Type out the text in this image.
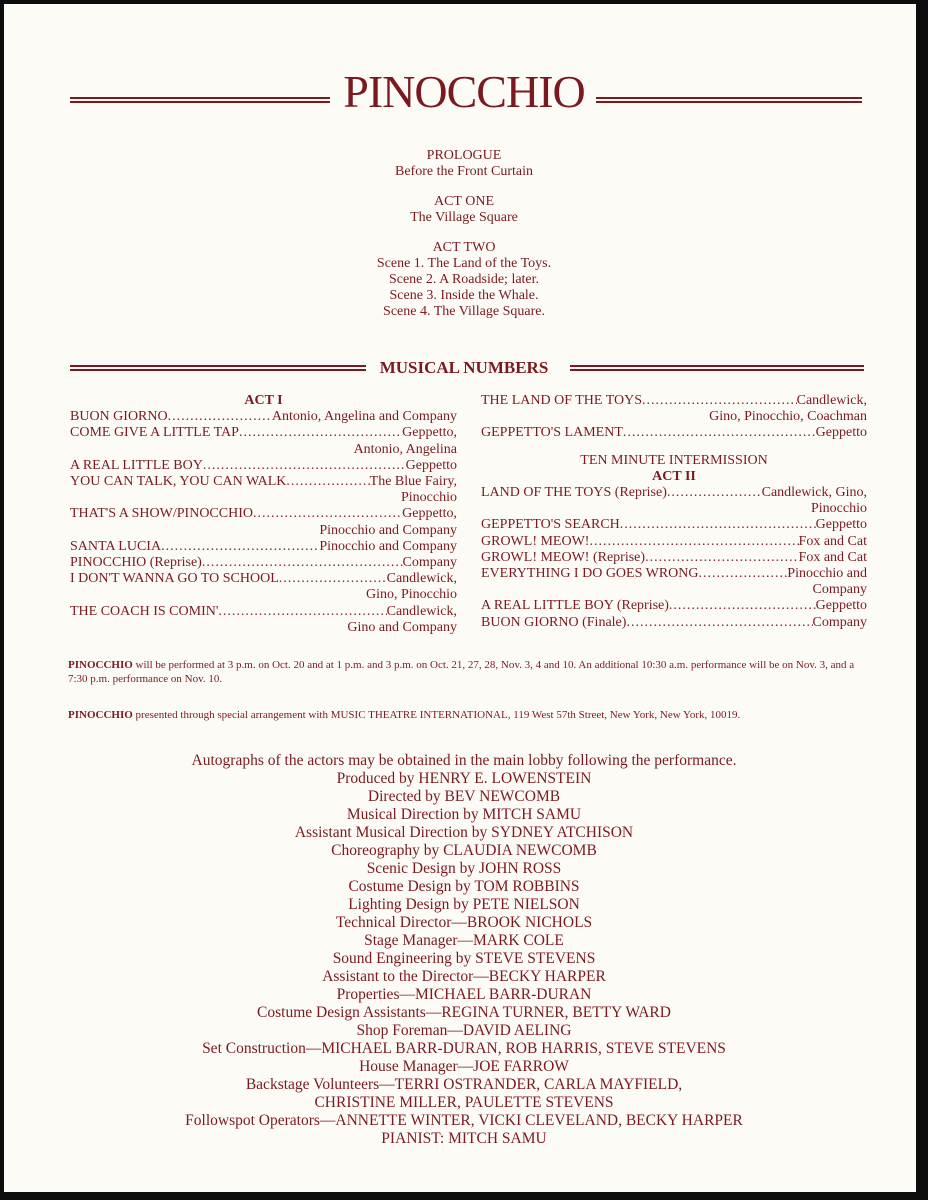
PINOCCHIO
PROLOGUE
Before the Front Curtain
ACT ONE
The Village Square
ACT TWO
Scene 1. The Land of the Toys.
Scene 2. A Roadside; later.
Scene 3. Inside the Whale.
Scene 4. The Village Square.
MUSICAL NUMBERS
ACT I
BUON GIORNO .....	Antonio, Angelina and Company
COME GIVE A LITTLE TAP .....	Geppetto,
Antonio, Angelina
A REAL LITTLE BOY .....	Geppetto
YOU CAN TALK, YOU CAN WALK .....	The Blue Fairy,
Pinocchio
THAT'S A SHOW/PINOCCHIO .....	Geppetto,
Pinocchio and Company
SANTA LUCIA .....	Pinocchio and Company
PINOCCHIO (Reprise) .....	Company
I DON'T WANNA GO TO SCHOOL .....	Candlewick,
Gino, Pinocchio
THE COACH IS COMIN' .....	Candlewick,
Gino and Company
THE LAND OF THE TOYS .....	Candlewick,
Gino, Pinocchio, Coachman
GEPPETTO'S LAMENT .....	Geppetto
TEN MINUTE INTERMISSION
ACT II
LAND OF THE TOYS (Reprise) .....	Candlewick, Gino,
Pinocchio
GEPPETTO'S SEARCH .....	Geppetto
GROWL! MEOW! .....	Fox and Cat
GROWL! MEOW! (Reprise) .....	Fox and Cat
EVERYTHING I DO GOES WRONG .....	Pinocchio and
Company
A REAL LITTLE BOY (Reprise) .....	Geppetto
BUON GIORNO (Finale) .....	Company
PINOCCHIO will be performed at 3 p.m. on Oct. 20 and at 1 p.m. and 3 p.m. on Oct. 21, 27, 28, Nov. 3, 4 and 10. An additional 10:30 a.m. performance will be on Nov. 3, and a 7:30 p.m. performance on Nov. 10.
PINOCCHIO presented through special arrangement with MUSIC THEATRE INTERNATIONAL, 119 West 57th Street, New York, New York, 10019.
Autographs of the actors may be obtained in the main lobby following the performance.
Produced by HENRY E. LOWENSTEIN
Directed by BEV NEWCOMB
Musical Direction by MITCH SAMU
Assistant Musical Direction by SYDNEY ATCHISON
Choreography by CLAUDIA NEWCOMB
Scenic Design by JOHN ROSS
Costume Design by TOM ROBBINS
Lighting Design by PETE NIELSON
Technical Director—BROOK NICHOLS
Stage Manager—MARK COLE
Sound Engineering by STEVE STEVENS
Assistant to the Director—BECKY HARPER
Properties—MICHAEL BARR-DURAN
Costume Design Assistants—REGINA TURNER, BETTY WARD
Shop Foreman—DAVID AELING
Set Construction—MICHAEL BARR-DURAN, ROB HARRIS, STEVE STEVENS
House Manager—JOE FARROW
Backstage Volunteers—TERRI OSTRANDER, CARLA MAYFIELD,
CHRISTINE MILLER, PAULETTE STEVENS
Followspot Operators—ANNETTE WINTER, VICKI CLEVELAND, BECKY HARPER
PIANIST: MITCH SAMU
